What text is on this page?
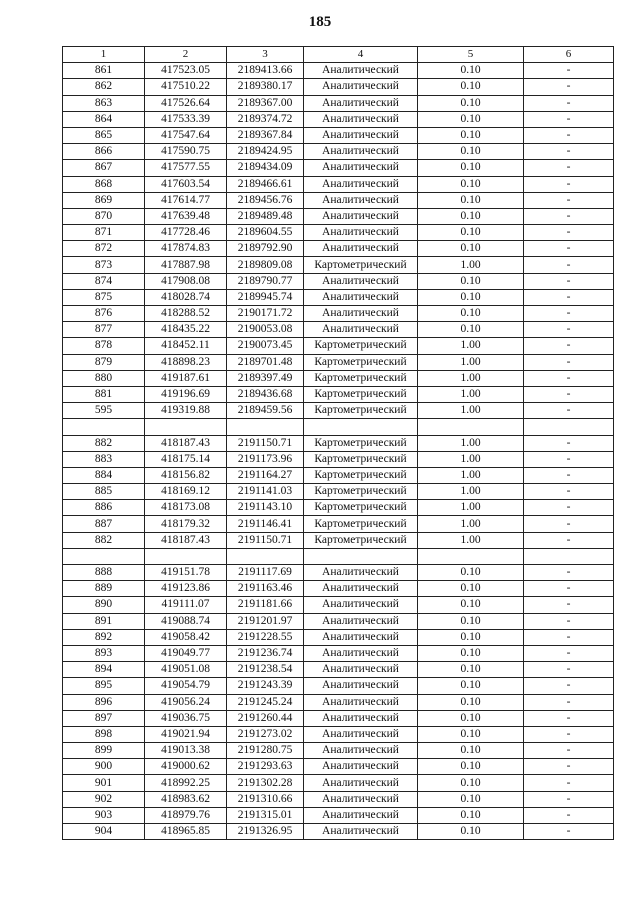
185
1	2	3	4	5	6
861	417523.05	2189413.66	Аналитический	0.10	-
862	417510.22	2189380.17	Аналитический	0.10	-
863	417526.64	2189367.00	Аналитический	0.10	-
864	417533.39	2189374.72	Аналитический	0.10	-
865	417547.64	2189367.84	Аналитический	0.10	-
866	417590.75	2189424.95	Аналитический	0.10	-
867	417577.55	2189434.09	Аналитический	0.10	-
868	417603.54	2189466.61	Аналитический	0.10	-
869	417614.77	2189456.76	Аналитический	0.10	-
870	417639.48	2189489.48	Аналитический	0.10	-
871	417728.46	2189604.55	Аналитический	0.10	-
872	417874.83	2189792.90	Аналитический	0.10	-
873	417887.98	2189809.08	Картометрический	1.00	-
874	417908.08	2189790.77	Аналитический	0.10	-
875	418028.74	2189945.74	Аналитический	0.10	-
876	418288.52	2190171.72	Аналитический	0.10	-
877	418435.22	2190053.08	Аналитический	0.10	-
878	418452.11	2190073.45	Картометрический	1.00	-
879	418898.23	2189701.48	Картометрический	1.00	-
880	419187.61	2189397.49	Картометрический	1.00	-
881	419196.69	2189436.68	Картометрический	1.00	-
595	419319.88	2189459.56	Картометрический	1.00	-

882	418187.43	2191150.71	Картометрический	1.00	-
883	418175.14	2191173.96	Картометрический	1.00	-
884	418156.82	2191164.27	Картометрический	1.00	-
885	418169.12	2191141.03	Картометрический	1.00	-
886	418173.08	2191143.10	Картометрический	1.00	-
887	418179.32	2191146.41	Картометрический	1.00	-
882	418187.43	2191150.71	Картометрический	1.00	-

888	419151.78	2191117.69	Аналитический	0.10	-
889	419123.86	2191163.46	Аналитический	0.10	-
890	419111.07	2191181.66	Аналитический	0.10	-
891	419088.74	2191201.97	Аналитический	0.10	-
892	419058.42	2191228.55	Аналитический	0.10	-
893	419049.77	2191236.74	Аналитический	0.10	-
894	419051.08	2191238.54	Аналитический	0.10	-
895	419054.79	2191243.39	Аналитический	0.10	-
896	419056.24	2191245.24	Аналитический	0.10	-
897	419036.75	2191260.44	Аналитический	0.10	-
898	419021.94	2191273.02	Аналитический	0.10	-
899	419013.38	2191280.75	Аналитический	0.10	-
900	419000.62	2191293.63	Аналитический	0.10	-
901	418992.25	2191302.28	Аналитический	0.10	-
902	418983.62	2191310.66	Аналитический	0.10	-
903	418979.76	2191315.01	Аналитический	0.10	-
904	418965.85	2191326.95	Аналитический	0.10	-
